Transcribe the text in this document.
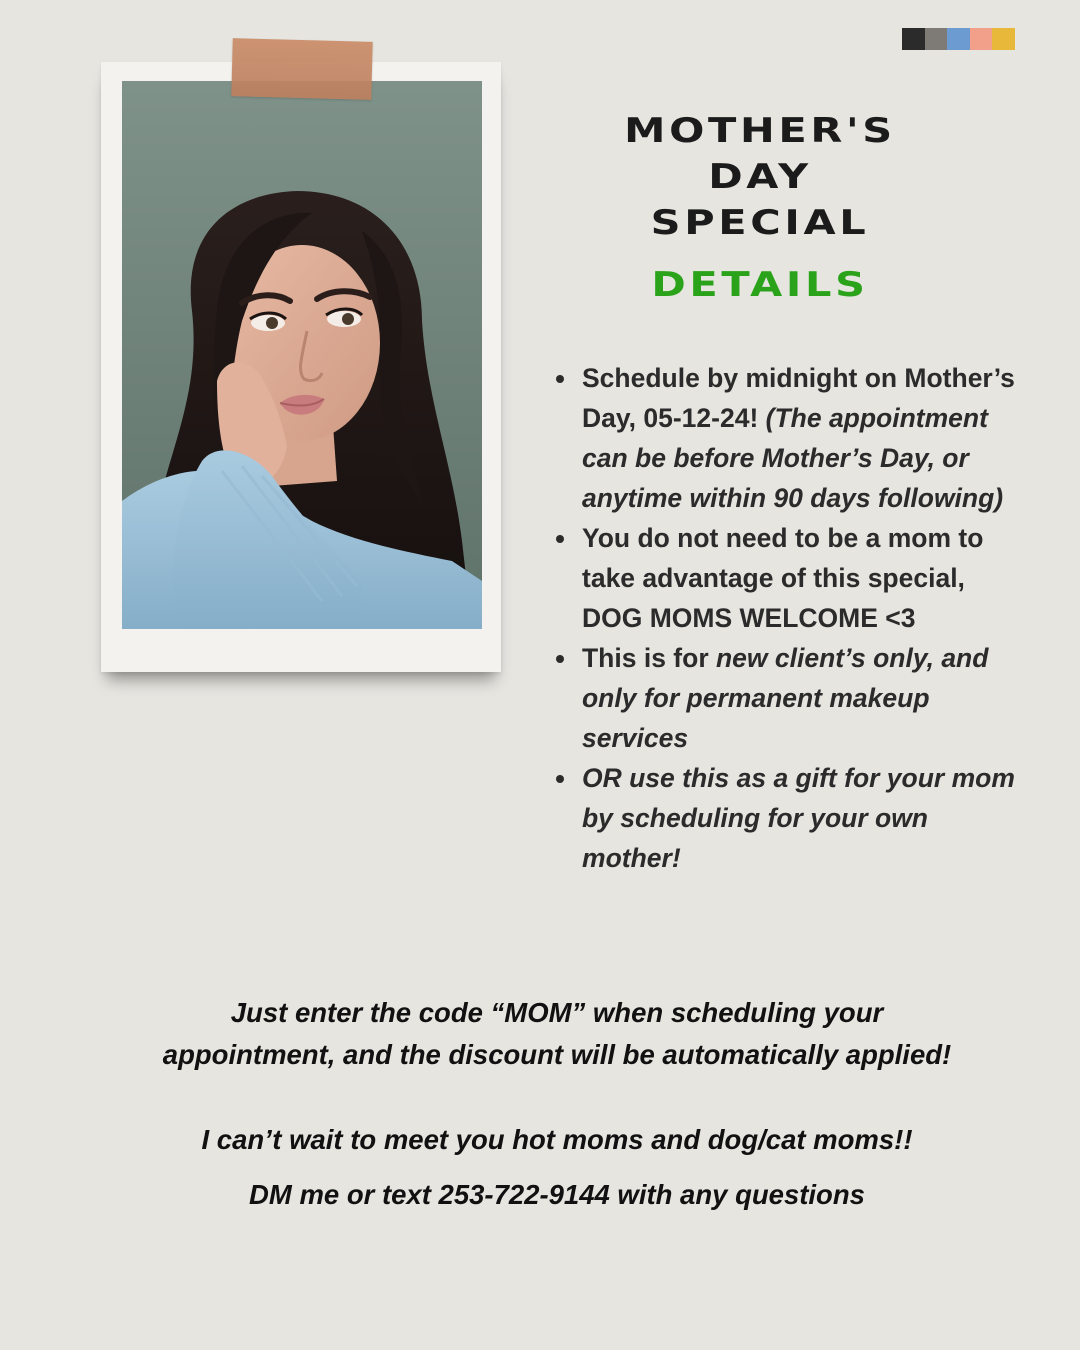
MOTHER'S
DAY
SPECIAL
DETAILS
Schedule by midnight on Mother’s Day, 05-12-24! (The appointment can be before Mother’s Day, or anytime within 90 days following)
You do not need to be a mom to take advantage of this special, DOG MOMS WELCOME <3
This is for new client’s only, and only for permanent makeup services
OR use this as a gift for your mom by scheduling for your own mother!

Just enter the code “MOM” when scheduling your
appointment, and the discount will be automatically applied!

I can’t wait to meet you hot moms and dog/cat moms!!

DM me or text 253-722-9144 with any questions
